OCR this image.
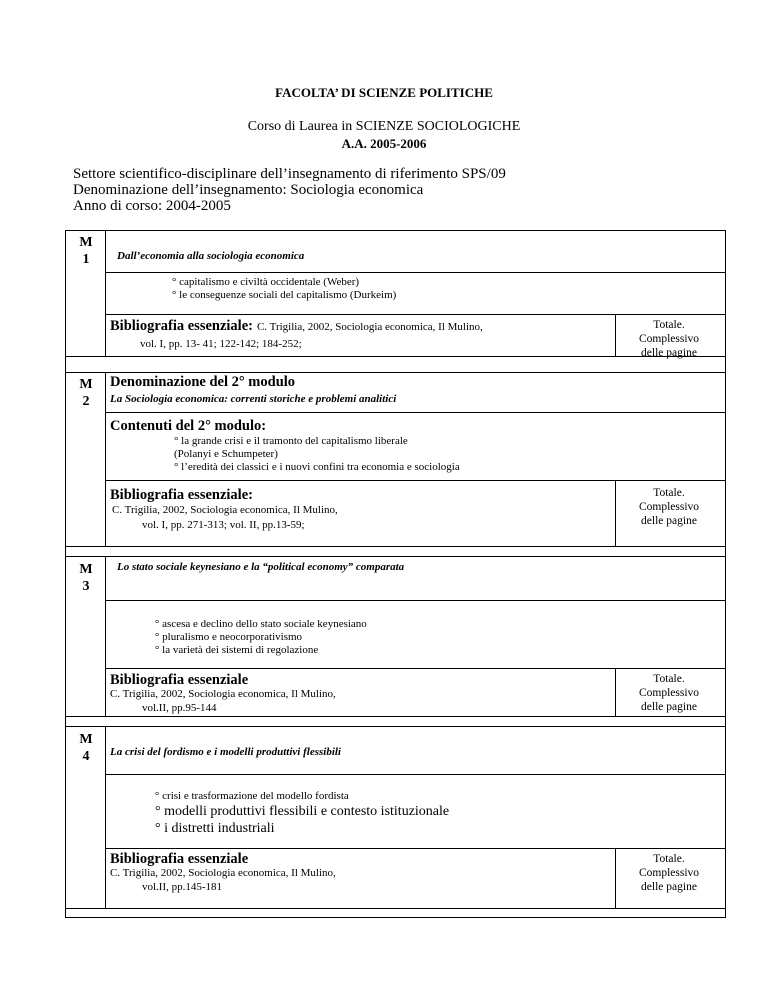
FACOLTA’ DI SCIENZE POLITICHE
Corso di Laurea in SCIENZE SOCIOLOGICHE
A.A. 2005-2006
Settore scientifico-disciplinare dell’insegnamento di riferimento SPS/09
Denominazione dell’insegnamento: Sociologia economica
Anno di corso: 2004-2005
M
1	Dall’economia alla sociologia economica
° capitalismo e civiltà occidentale (Weber)
° le conseguenze sociali del capitalismo (Durkeim)
Bibliografia essenziale: C. Trigilia, 2002, Sociologia economica, Il Mulino,
vol. I, pp. 13- 41; 122-142; 184-252;
Totale.
Complessivo
delle pagine
M
2
Denominazione del 2° modulo
La Sociologia economica: correnti storiche e problemi analitici
Contenuti del 2° modulo:
° la grande crisi e il tramonto del capitalismo liberale
(Polanyi e Schumpeter)
° l’eredità dei classici e i nuovi confini tra economia e sociologia
Bibliografia essenziale:
C. Trigilia, 2002, Sociologia economica, Il Mulino,
vol. I, pp. 271-313; vol. II, pp.13-59;
Totale.
Complessivo
delle pagine
M
3
Lo stato sociale keynesiano e la “political economy” comparata
° ascesa e declino dello stato sociale keynesiano
° pluralismo e neocorporativismo
° la varietà dei sistemi di regolazione
Bibliografia essenziale
C. Trigilia, 2002, Sociologia economica, Il Mulino,
vol.II, pp.95-144
Totale.
Complessivo
delle pagine
M
4	La crisi del fordismo e i modelli produttivi flessibili
° crisi e trasformazione del modello fordista
° modelli produttivi flessibili e contesto istituzionale
° i distretti industriali
Bibliografia essenziale
C. Trigilia, 2002, Sociologia economica, Il Mulino,
vol.II, pp.145-181
Totale.
Complessivo
delle pagine
